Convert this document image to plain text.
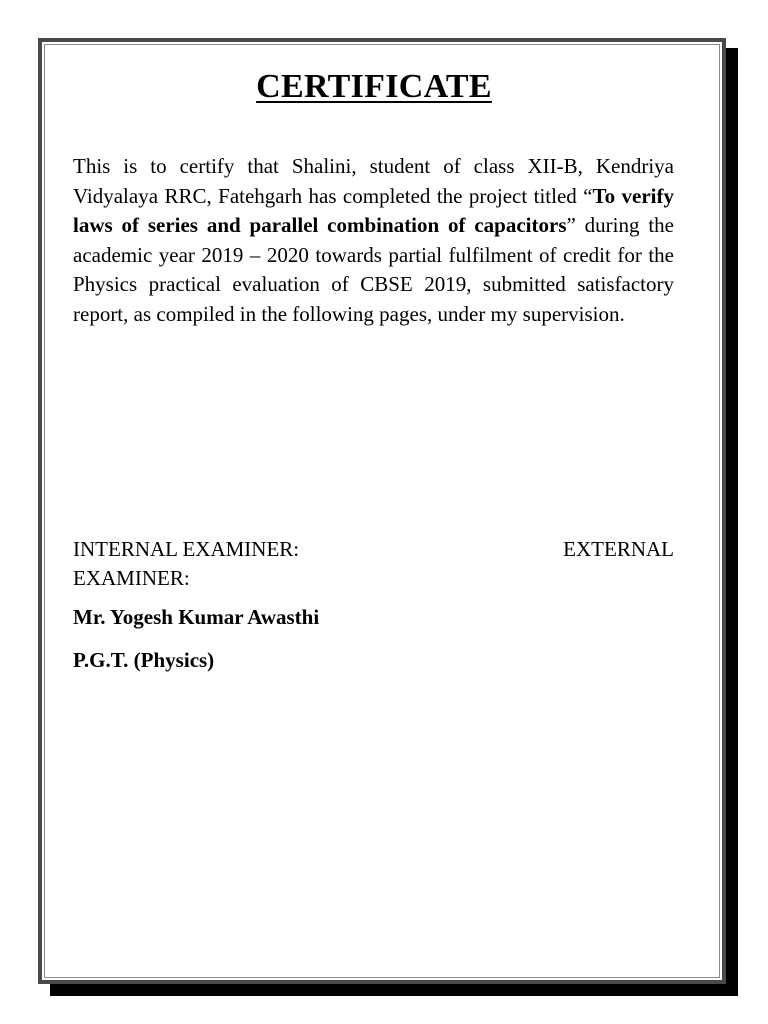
CERTIFICATE
This is to certify that Shalini, student of class XII-B, Kendriya Vidyalaya RRC, Fatehgarh has completed the project titled “To verify laws of series and parallel combination of capacitors” during the academic year 2019 – 2020 towards partial fulfilment of credit for the Physics practical evaluation of CBSE 2019, submitted satisfactory report, as compiled in the following pages, under my supervision.
INTERNAL EXAMINER:	EXTERNAL
EXAMINER:
Mr. Yogesh Kumar Awasthi
P.G.T. (Physics)
